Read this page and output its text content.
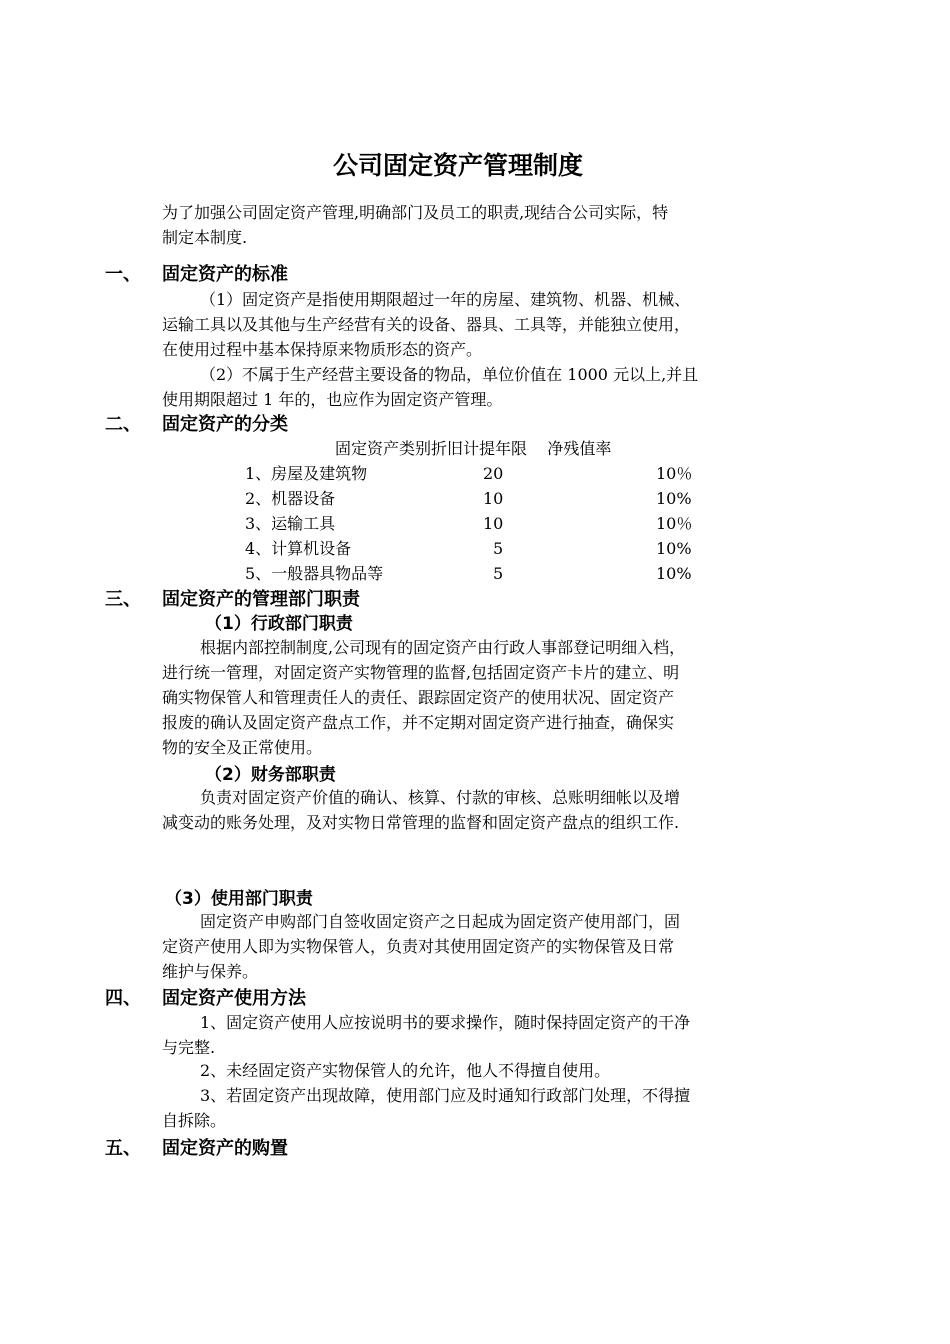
公司固定资产管理制度
为了加强公司固定资产管理,明确部门及员工的职责,现结合公司实际，特
制定本制度.
一、 固定资产的标准
（1）固定资产是指使用期限超过一年的房屋、建筑物、机器、机械、
运输工具以及其他与生产经营有关的设备、器具、工具等，并能独立使用，
在使用过程中基本保持原来物质形态的资产。
（2）不属于生产经营主要设备的物品，单位价值在 1000 元以上,并且
使用期限超过 1 年的，也应作为固定资产管理。
二、 固定资产的分类
固定资产类别折旧计提年限    净残值率
1、房屋及建筑物	20	10％
2、机器设备	10	10%
3、运输工具	10	10％
4、计算机设备	5	10%
5、一般器具物品等	5	10%
三、 固定资产的管理部门职责
（1）行政部门职责
根据内部控制制度,公司现有的固定资产由行政人事部登记明细入档，
进行统一管理，对固定资产实物管理的监督,包括固定资产卡片的建立、明
确实物保管人和管理责任人的责任、跟踪固定资产的使用状况、固定资产
报废的确认及固定资产盘点工作，并不定期对固定资产进行抽查，确保实
物的安全及正常使用。
（2）财务部职责
负责对固定资产价值的确认、核算、付款的审核、总账明细帐以及增
减变动的账务处理，及对实物日常管理的监督和固定资产盘点的组织工作.
（3）使用部门职责
固定资产申购部门自签收固定资产之日起成为固定资产使用部门，固
定资产使用人即为实物保管人，负责对其使用固定资产的实物保管及日常
维护与保养。
四、 固定资产使用方法
1、固定资产使用人应按说明书的要求操作，随时保持固定资产的干净
与完整.
2、未经固定资产实物保管人的允许，他人不得擅自使用。
3、若固定资产出现故障，使用部门应及时通知行政部门处理，不得擅
自拆除。
五、 固定资产的购置
